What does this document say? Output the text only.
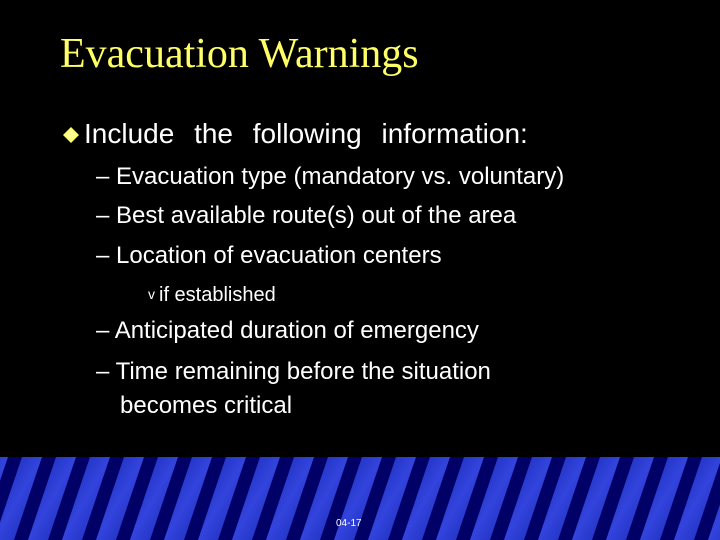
Evacuation Warnings
Include the following information:
– Evacuation type (mandatory vs. voluntary)
– Best available route(s) out of the area
– Location of evacuation centers
v if established
– Anticipated duration of emergency
– Time remaining before the situation
becomes critical
04-17
